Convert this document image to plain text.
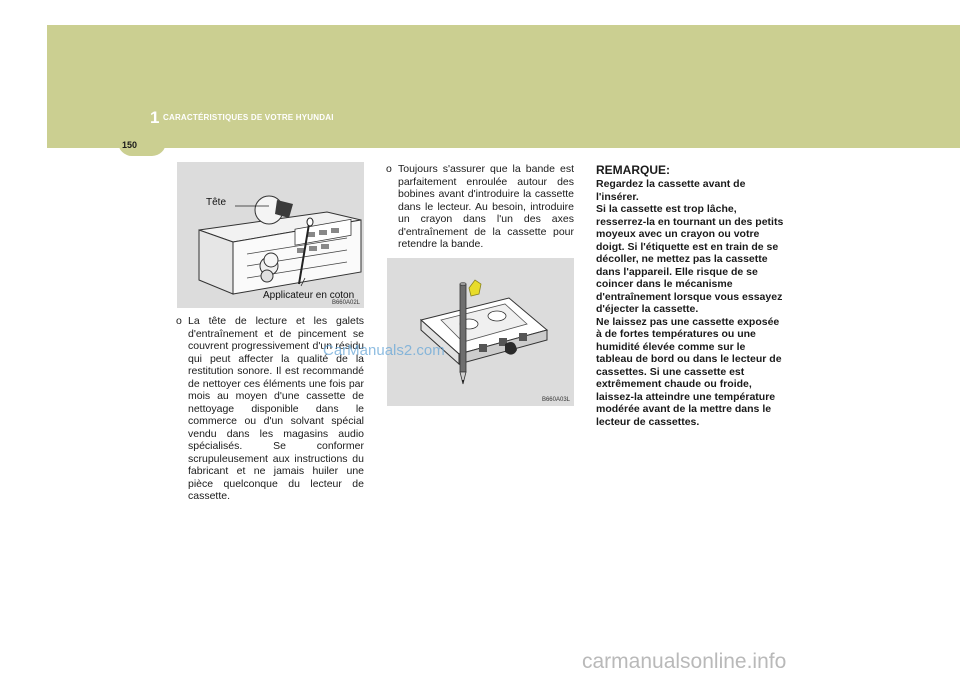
1 CARACTÉRISTIQUES DE VOTRE HYUNDAI
150
Tête
Applicateur en coton
B660A02L
B660A03L
o La tête de lecture et les galets d'entraînement et de pincement se couvrent progressivement d'un résidu qui peut affecter la qualité de la restitution sonore. Il est recommandé de nettoyer ces éléments une fois par mois au moyen d'une cassette de nettoyage disponible dans le commerce ou d'un solvant spécial vendu dans les magasins audio spécialisés. Se conformer scrupuleusement aux instructions du fabricant et ne jamais huiler une pièce quelconque du lecteur de cassette.
o Toujours s'assurer que la bande est parfaitement enroulée autour des bobines avant d'introduire la cassette dans le lecteur. Au besoin, introduire un crayon dans l'un des axes d'entraînement de la cassette pour retendre la bande.
REMARQUE:
Regardez la cassette avant de l'insérer.
Si la cassette est trop lâche, resserrez-la en tournant un des petits moyeux avec un crayon ou votre doigt. Si l'étiquette est en train de se décoller, ne mettez pas la cassette dans l'appareil. Elle risque de se coincer dans le mécanisme d'entraînement lorsque vous essayez d'éjecter la cassette.
Ne laissez pas une cassette exposée à de fortes températures ou une humidité élevée comme sur le tableau de bord ou dans le lecteur de cassettes. Si une cassette est extrêmement chaude ou froide, laissez-la atteindre une température modérée avant de la mettre dans le lecteur de cassettes.
CarManuals2.com
carmanualsonline.info
